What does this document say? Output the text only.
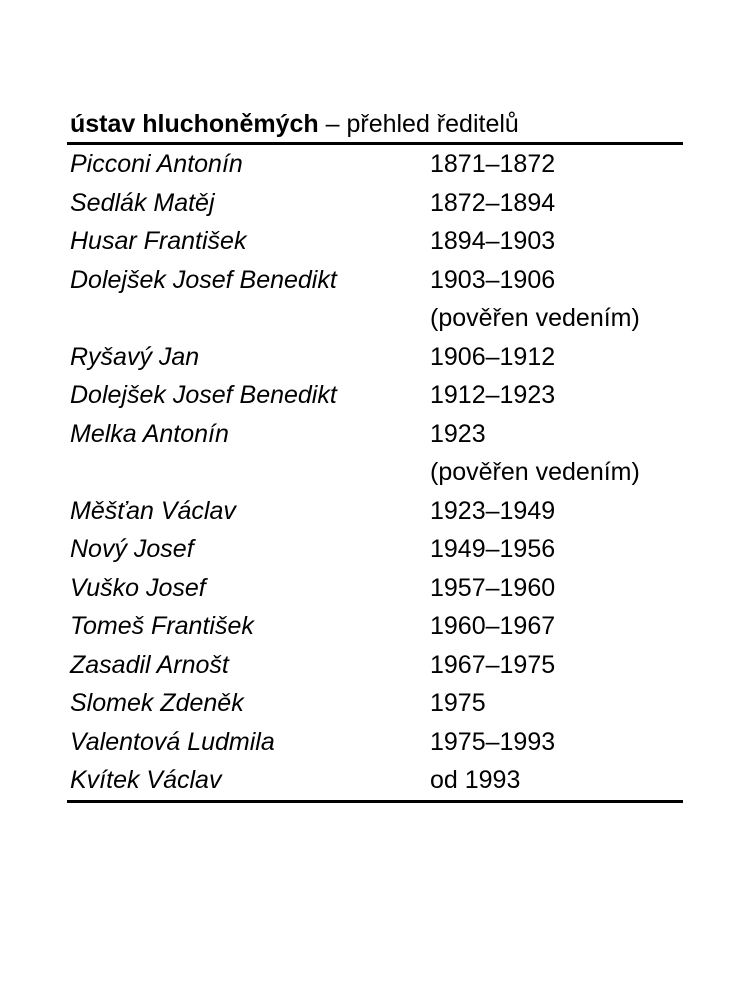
ústav hluchoněmých – přehled ředitelů
Picconi Antonín	1871–1872
Sedlák Matěj	1872–1894
Husar František	1894–1903
Dolejšek Josef Benedikt	1903–1906
(pověřen vedením)
Ryšavý Jan	1906–1912
Dolejšek Josef Benedikt	1912–1923
Melka Antonín	1923
(pověřen vedením)
Měšťan Václav	1923–1949
Nový Josef	1949–1956
Vuško Josef	1957–1960
Tomeš František	1960–1967
Zasadil Arnošt	1967–1975
Slomek Zdeněk	1975
Valentová Ludmila	1975–1993
Kvítek Václav	od 1993
